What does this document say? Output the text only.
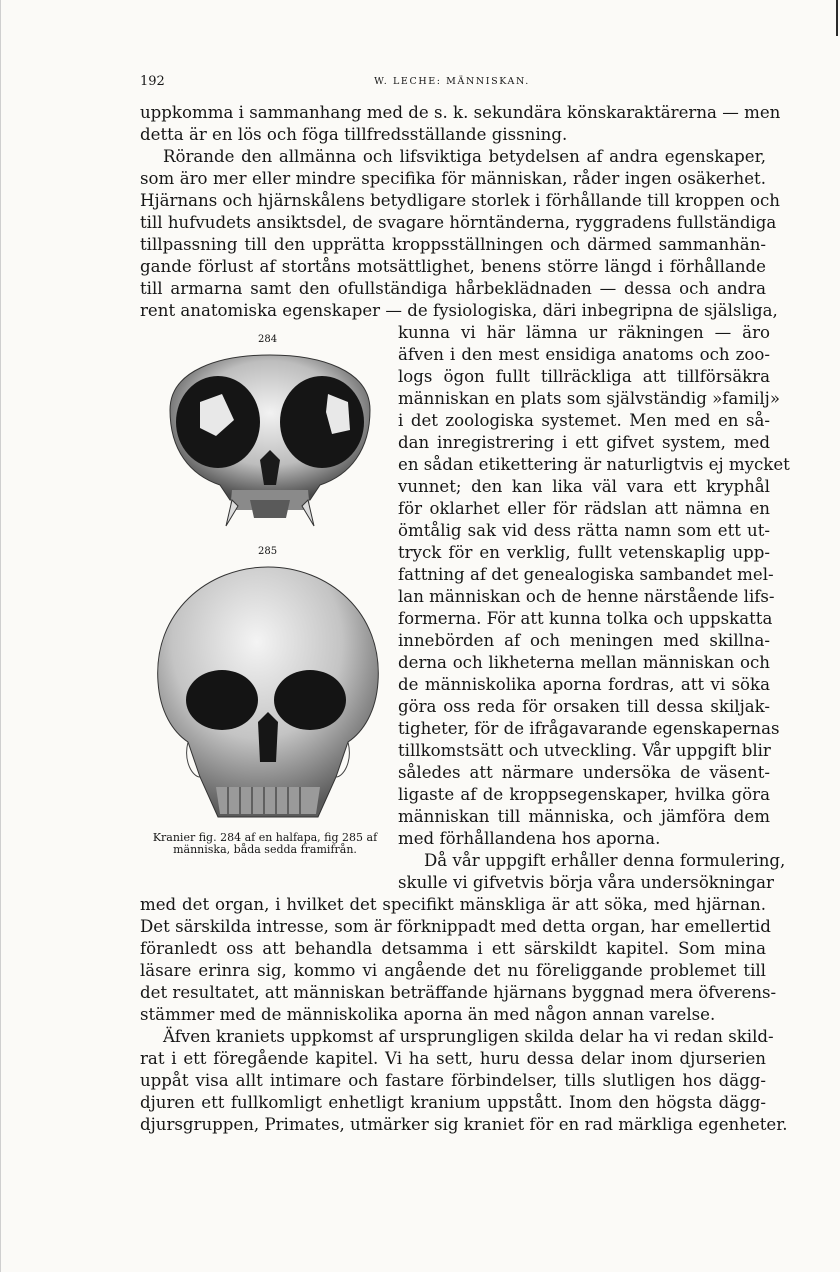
192	W. LECHE: MÄNNISKAN.
uppkomma i sammanhang med de s. k. sekundära könskaraktärerna — men
detta är en lös och föga tillfredsställande gissning.
Rörande den allmänna och lifsviktiga betydelsen af andra egenskaper,
som äro mer eller mindre specifika för människan, råder ingen osäkerhet.
Hjärnans och hjärnskålens betydligare storlek i förhållande till kroppen och
till hufvudets ansiktsdel, de svagare hörntänderna, ryggradens fullständiga
tillpassning till den upprätta kroppsställningen och därmed sammanhän-
gande förlust af stortåns motsättlighet, benens större längd i förhållande
till armarna samt den ofullständiga hårbeklädnaden — dessa och andra
rent anatomiska egenskaper — de fysiologiska, däri inbegripna de själsliga,
kunna vi här lämna ur räkningen — äro
äfven i den mest ensidiga anatoms och zoo-
logs ögon fullt tillräckliga att tillförsäkra
människan en plats som självständig »familj»
i det zoologiska systemet. Men med en så-
dan inregistrering i ett gifvet system, med
en sådan etikettering är naturligtvis ej mycket
vunnet; den kan lika väl vara ett kryphål
för oklarhet eller för rädslan att nämna en
ömtålig sak vid dess rätta namn som ett ut-
tryck för en verklig, fullt vetenskaplig upp-
fattning af det genealogiska sambandet mel-
lan människan och de henne närstående lifs-
formerna. För att kunna tolka och uppskatta
innebörden af och meningen med skillna-
derna och likheterna mellan människan och
de människolika aporna fordras, att vi söka
göra oss reda för orsaken till dessa skiljak-
tigheter, för de ifrågavarande egenskapernas
tillkomstsätt och utveckling. Vår uppgift blir
således att närmare undersöka de väsent-
ligaste af de kroppsegenskaper, hvilka göra
människan till människa, och jämföra dem
med förhållandena hos aporna.
Då vår uppgift erhåller denna formulering,
skulle vi gifvetvis börja våra undersökningar
med det organ, i hvilket det specifikt mänskliga är att söka, med hjärnan.
Det särskilda intresse, som är förknippadt med detta organ, har emellertid
föranledt oss att behandla detsamma i ett särskildt kapitel. Som mina
läsare erinra sig, kommo vi angående det nu föreliggande problemet till
det resultatet, att människan beträffande hjärnans byggnad mera öfverens-
stämmer med de människolika aporna än med någon annan varelse.
Äfven kraniets uppkomst af ursprungligen skilda delar ha vi redan skild-
rat i ett föregående kapitel. Vi ha sett, huru dessa delar inom djurserien
uppåt visa allt intimare och fastare förbindelser, tills slutligen hos dägg-
djuren ett fullkomligt enhetligt kranium uppstått. Inom den högsta dägg-
djursgruppen, Primates, utmärker sig kraniet för en rad märkliga egenheter.
284
285
Kranier fig. 284 af en halfapa, fig 285 af
människa, båda sedda framifrån.
